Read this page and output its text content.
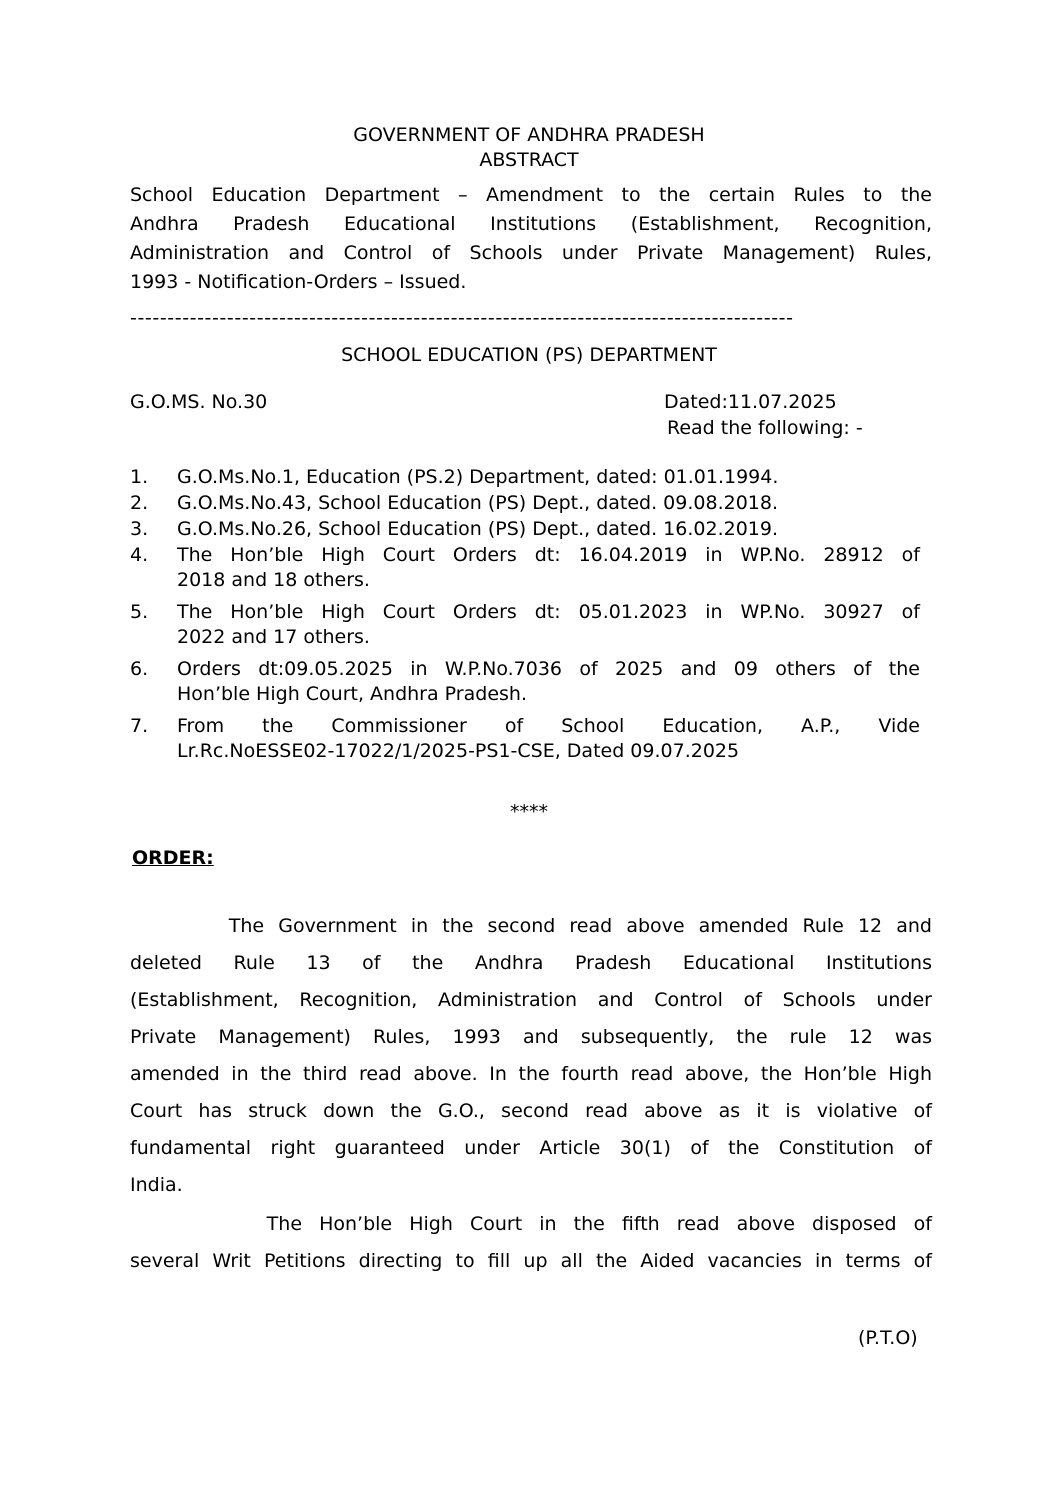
GOVERNMENT OF ANDHRA PRADESH
ABSTRACT
School Education Department – Amendment to the certain Rules to the
Andhra Pradesh Educational Institutions (Establishment, Recognition,
Administration and Control of Schools under Private Management) Rules,
1993 - Notification-Orders – Issued.
-----------------------------------------------------------------------------------------
SCHOOL EDUCATION (PS) DEPARTMENT
G.O.MS. No.30	Dated:11.07.2025
Read the following: -
1. G.O.Ms.No.1, Education (PS.2) Department, dated: 01.01.1994.
2. G.O.Ms.No.43, School Education (PS) Dept., dated. 09.08.2018.
3. G.O.Ms.No.26, School Education (PS) Dept., dated. 16.02.2019.
4. The Hon’ble High Court Orders dt: 16.04.2019 in WP.No. 28912 of
2018 and 18 others.
5. The Hon’ble High Court Orders dt: 05.01.2023 in WP.No. 30927 of
2022 and 17 others.
6. Orders dt:09.05.2025 in W.P.No.7036 of 2025 and 09 others of the
Hon’ble High Court, Andhra Pradesh.
7. From the Commissioner of School Education, A.P., Vide
Lr.Rc.NoESSE02-17022/1/2025-PS1-CSE, Dated 09.07.2025
****
ORDER:
The Government in the second read above amended Rule 12 and
deleted Rule 13 of the Andhra Pradesh Educational Institutions
(Establishment, Recognition, Administration and Control of Schools under
Private Management) Rules, 1993 and subsequently, the rule 12 was
amended in the third read above. In the fourth read above, the Hon’ble High
Court has struck down the G.O., second read above as it is violative of
fundamental right guaranteed under Article 30(1) of the Constitution of
India.
The Hon’ble High Court in the fifth read above disposed of
several Writ Petitions directing to fill up all the Aided vacancies in terms of
(P.T.O)
